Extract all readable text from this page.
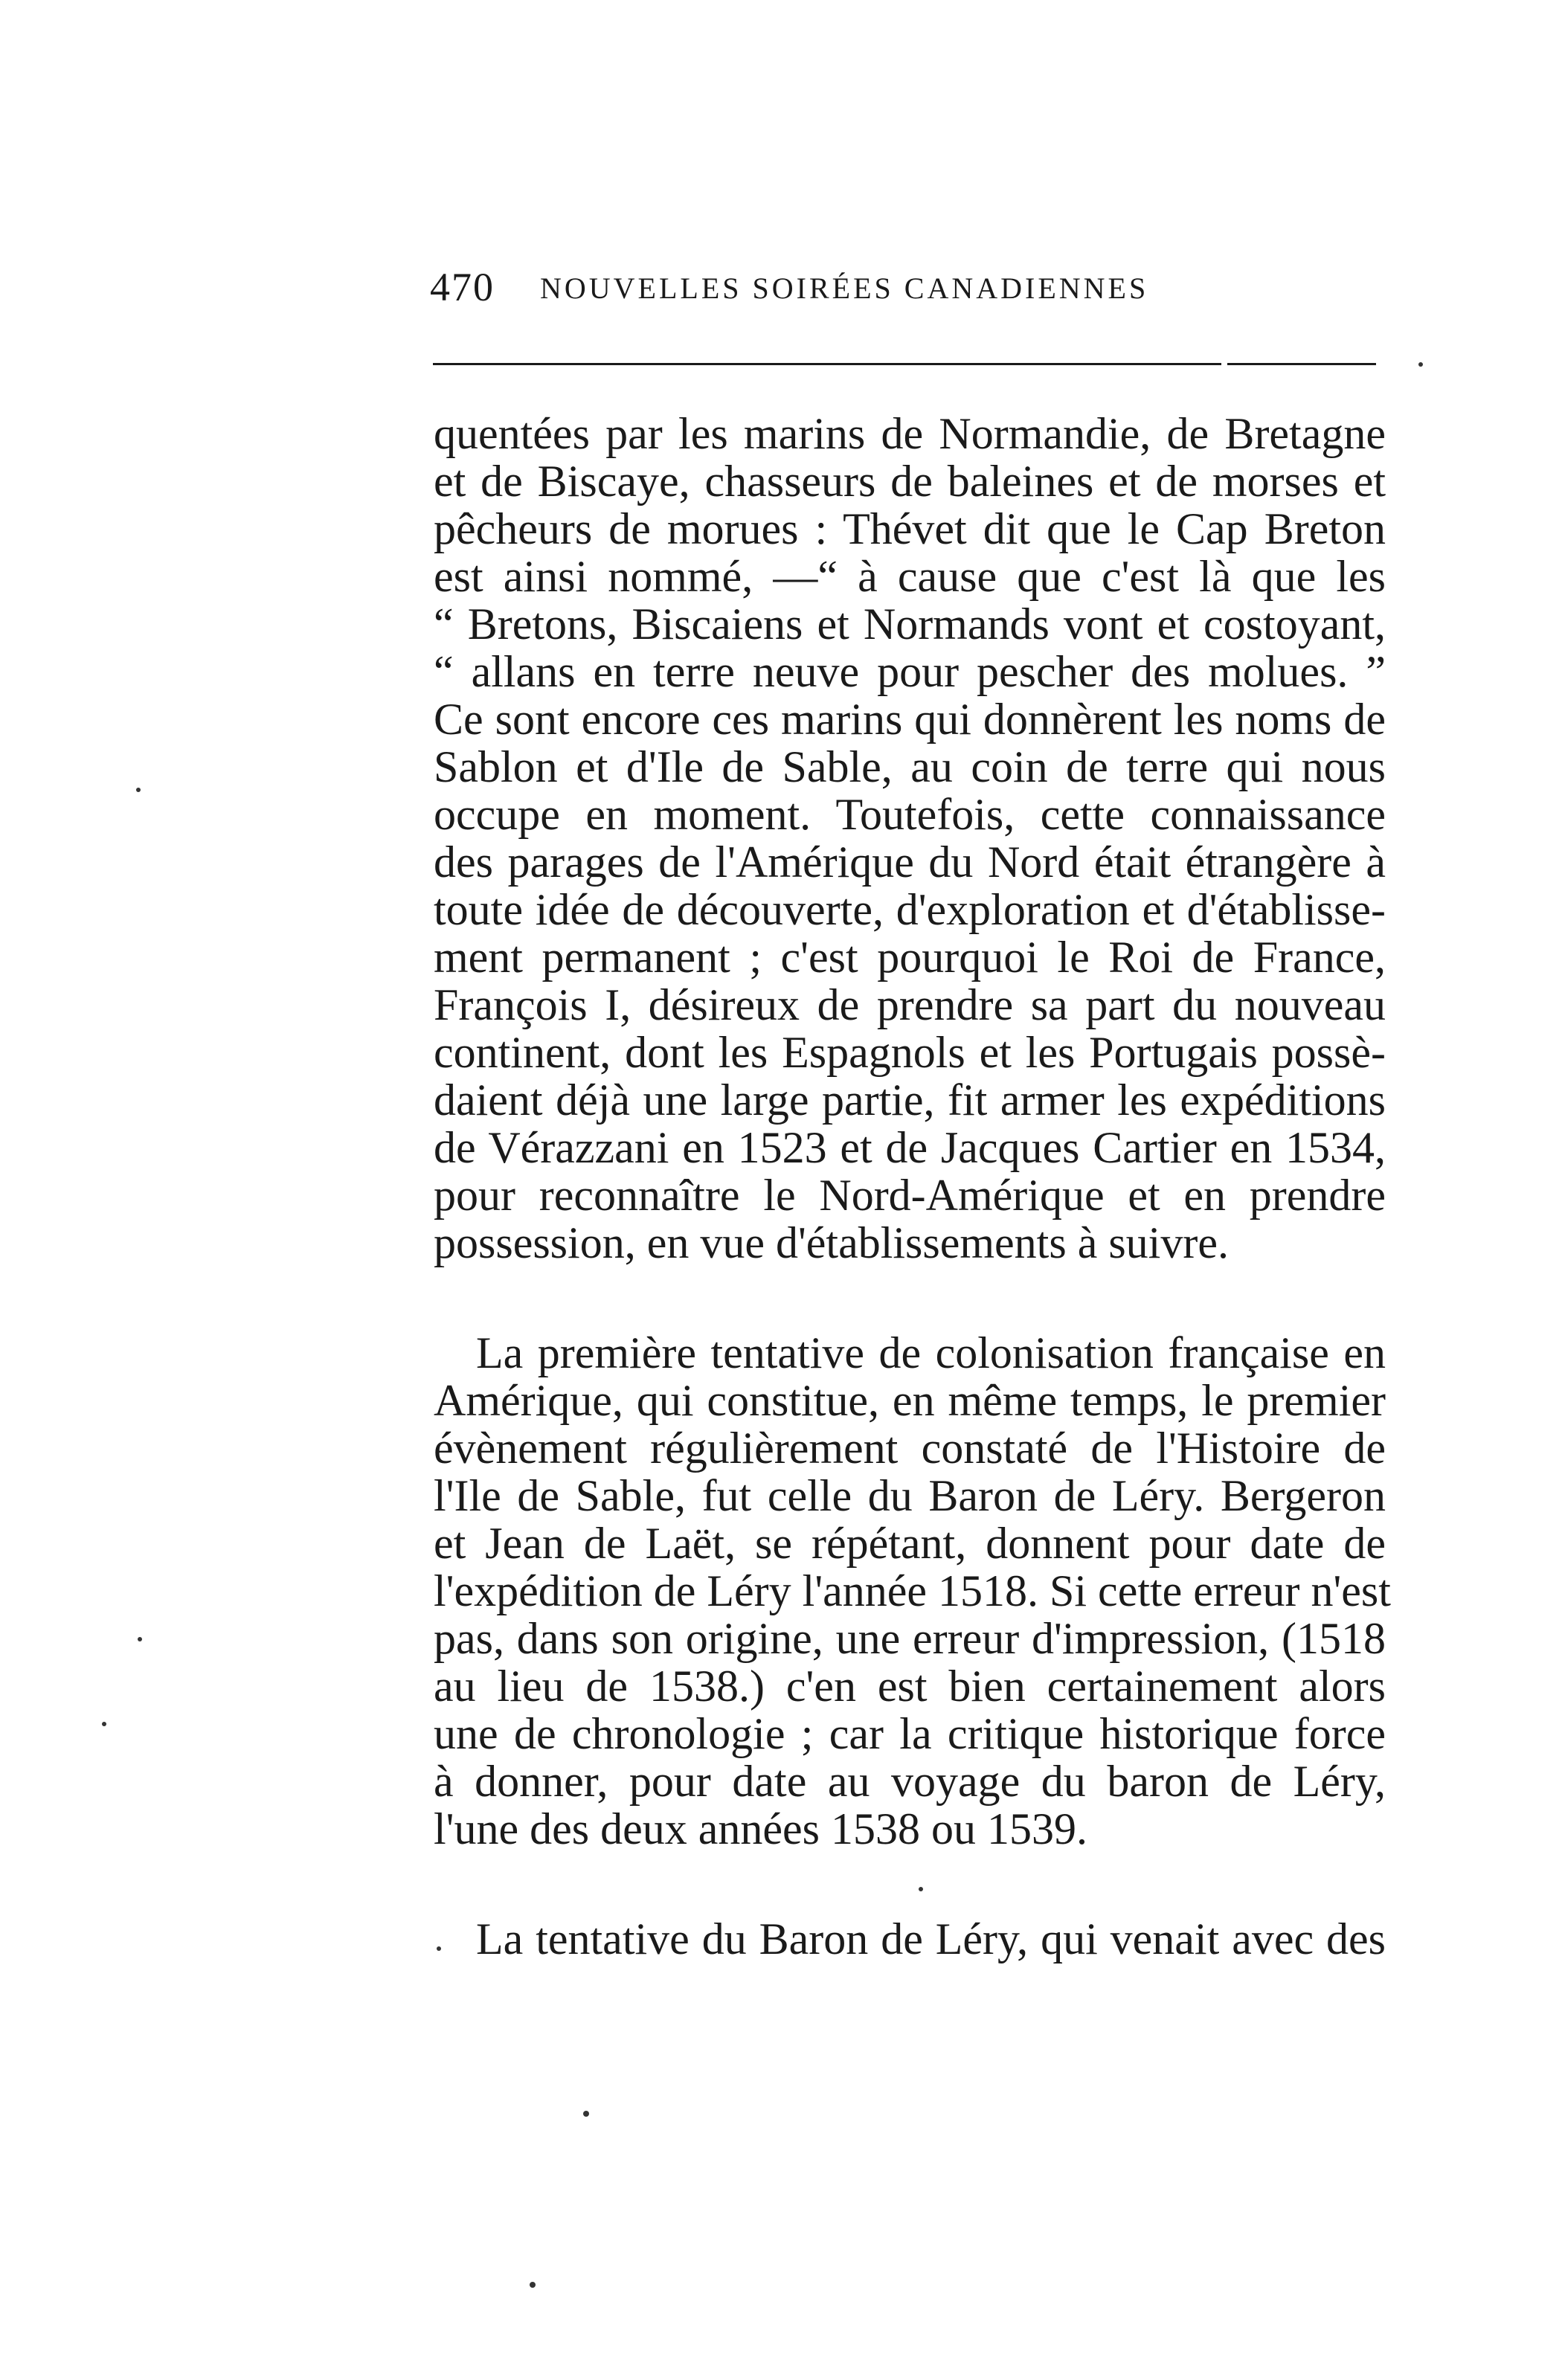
470 NOUVELLES SOIRÉES CANADIENNES
quentées par les marins de Normandie, de Bretagne
et de Biscaye, chasseurs de baleines et de morses et
pêcheurs de morues : Thévet dit que le Cap Breton
est ainsi nommé, —“ à cause que c'est là que les
“ Bretons, Biscaiens et Normands vont et costoyant,
“ allans en terre neuve pour pescher des molues. ”
Ce sont encore ces marins qui donnèrent les noms de
Sablon et d'Ile de Sable, au coin de terre qui nous
occupe en moment. Toutefois, cette connaissance
des parages de l'Amérique du Nord était étrangère à
toute idée de découverte, d'exploration et d'établisse-
ment permanent ; c'est pourquoi le Roi de France,
François I, désireux de prendre sa part du nouveau
continent, dont les Espagnols et les Portugais possè-
daient déjà une large partie, fit armer les expéditions
de Vérazzani en 1523 et de Jacques Cartier en 1534,
pour reconnaître le Nord-Amérique et en prendre
possession, en vue d'établissements à suivre.
La première tentative de colonisation française en
Amérique, qui constitue, en même temps, le premier
évènement régulièrement constaté de l'Histoire de
l'Ile de Sable, fut celle du Baron de Léry. Bergeron
et Jean de Laët, se répétant, donnent pour date de
l'expédition de Léry l'année 1518. Si cette erreur n'est
pas, dans son origine, une erreur d'impression, (1518
au lieu de 1538.) c'en est bien certainement alors
une de chronologie ; car la critique historique force
à donner, pour date au voyage du baron de Léry,
l'une des deux années 1538 ou 1539.
La tentative du Baron de Léry, qui venait avec des
